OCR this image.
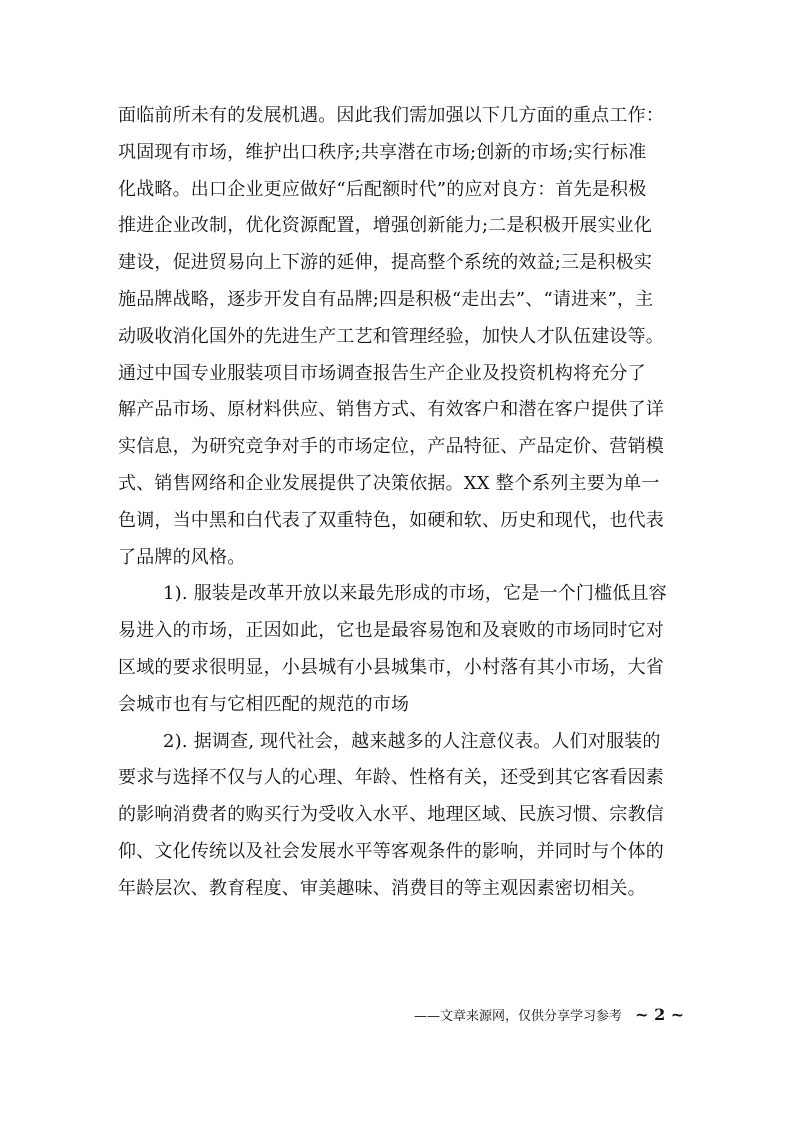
面临前所未有的发展机遇。因此我们需加强以下几方面的重点工作：
巩固现有市场，维护出口秩序;共享潜在市场;创新的市场;实行标准
化战略。出口企业更应做好“后配额时代”的应对良方：首先是积极
推进企业改制，优化资源配置，增强创新能力;二是积极开展实业化
建设，促进贸易向上下游的延伸，提高整个系统的效益;三是积极实
施品牌战略，逐步开发自有品牌;四是积极“走出去”、“请进来”，主
动吸收消化国外的先进生产工艺和管理经验，加快人才队伍建设等。
通过中国专业服装项目市场调查报告生产企业及投资机构将充分了
解产品市场、原材料供应、销售方式、有效客户和潜在客户提供了详
实信息，为研究竞争对手的市场定位，产品特征、产品定价、营销模
式、销售网络和企业发展提供了决策依据。XX 整个系列主要为单一
色调，当中黑和白代表了双重特色，如硬和软、历史和现代，也代表
了品牌的风格。
1). 服装是改革开放以来最先形成的市场，它是一个门槛低且容
易进入的市场，正因如此，它也是最容易饱和及衰败的市场同时它对
区域的要求很明显，小县城有小县城集市，小村落有其小市场，大省
会城市也有与它相匹配的规范的市场
2). 据调查, 现代社会，越来越多的人注意仪表。人们对服装的
要求与选择不仅与人的心理、年龄、性格有关，还受到其它客看因素
的影响消费者的购买行为受收入水平、地理区域、民族习惯、宗教信
仰、文化传统以及社会发展水平等客观条件的影响，并同时与个体的
年龄层次、教育程度、审美趣味、消费目的等主观因素密切相关。
——文章来源网，仅供分享学习参考 ~ 2 ~
